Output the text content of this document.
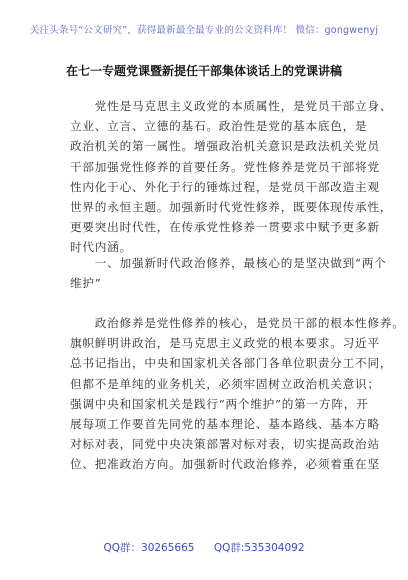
关注头条号“公文研究”，获得最新最全最专业的公文资料库！ 微信：gongwenyj
在七一专题党课暨新提任干部集体谈话上的党课讲稿
　　党性是马克思主义政党的本质属性，是党员干部立身、
立业、立言、立德的基石。政治性是党的基本底色，是
政治机关的第一属性。增强政治机关意识是政法机关党员
干部加强党性修养的首要任务。党性修养是党员干部将党
性内化于心、外化于行的锤炼过程，是党员干部改造主观
世界的永恒主题。加强新时代党性修养，既要体现传承性，
更要突出时代性，在传承党性修养一贯要求中赋予更多新
时代内涵。
　　一、加强新时代政治修养，最核心的是坚决做到“两个
维护”
　　政治修养是党性修养的核心，是党员干部的根本性修养。
旗帜鲜明讲政治，是马克思主义政党的根本要求。习近平
总书记指出，中央和国家机关各部门各单位职责分工不同，
但都不是单纯的业务机关，必须牢固树立政治机关意识；
强调中央和国家机关是践行“两个维护”的第一方阵，开
展每项工作要首先同党的基本理论、基本路线、基本方略
对标对表，同党中央决策部署对标对表，切实提高政治站
位、把准政治方向。加强新时代政治修养，必须着重在坚
QQ群：30265665 QQ群:535304092
